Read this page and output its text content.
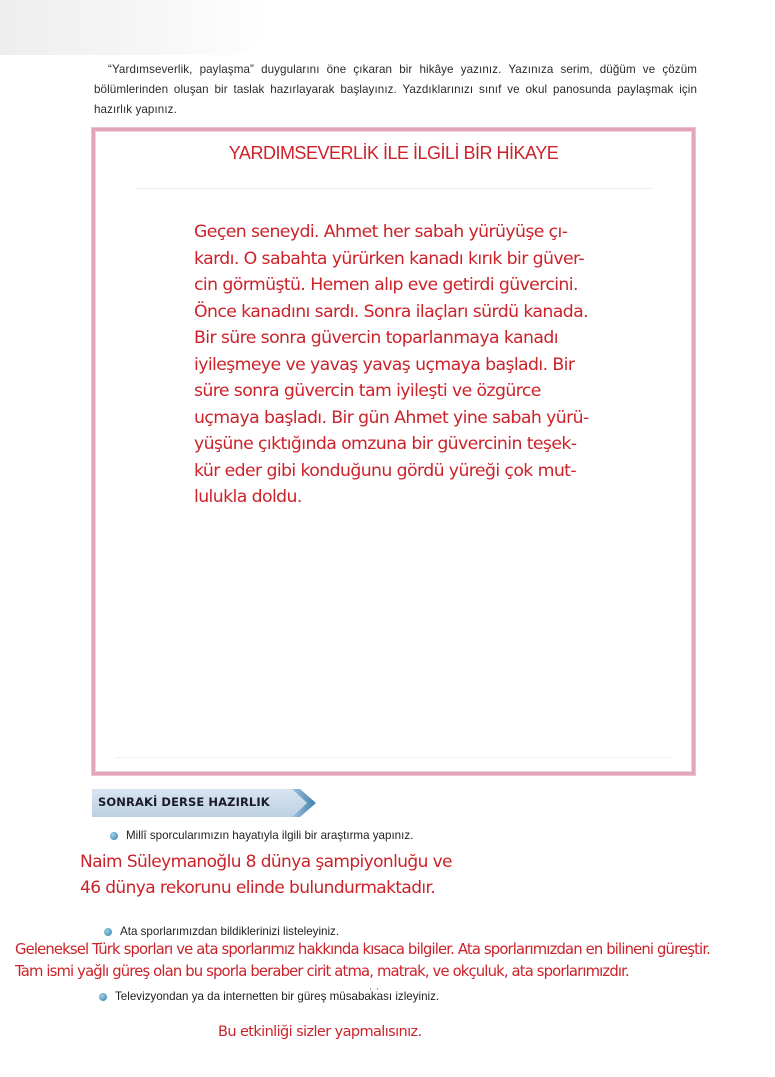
“Yardımseverlik, paylaşma” duygularını öne çıkaran bir hikâye yazınız. Yazınıza serim, düğüm ve çözüm bölümlerinden oluşan bir taslak hazırlayarak başlayınız. Yazdıklarınızı sınıf ve okul panosunda paylaşmak için hazırlık yapınız.

YARDIMSEVERLİK İLE İLGİLİ BİR HİKAYE
Geçen seneydi. Ahmet her sabah yürüyüşe çı-
kardı. O sabahta yürürken kanadı kırık bir güver-
cin görmüştü. Hemen alıp eve getirdi güvercini.
Önce kanadını sardı. Sonra ilaçları sürdü kanada.
Bir süre sonra güvercin toparlanmaya kanadı
iyileşmeye ve yavaş yavaş uçmaya başladı. Bir
süre sonra güvercin tam iyileşti ve özgürce
uçmaya başladı. Bir gün Ahmet yine sabah yürü-
yüşüne çıktığında omzuna bir güvercinin teşek-
kür eder gibi konduğunu gördü yüreği çok mut-
lulukla doldu.
SONRAKİ DERSE HAZIRLIK
Millî sporcularımızın hayatıyla ilgili bir araştırma yapınız.
Naim Süleymanoğlu 8 dünya şampiyonluğu ve
46 dünya rekorunu elinde bulundurmaktadır.
Ata sporlarımızdan bildiklerinizi listeleyiniz.
Geleneksel Türk sporları ve ata sporlarımız hakkında kısaca bilgiler. Ata sporlarımızdan en bilineni güreştir.
Tam ismi yağlı güreş olan bu sporla beraber cirit atma, matrak, ve okçuluk, ata sporlarımızdır.
Televizyondan ya da internetten bir güreş müsabakası izleyiniz.
Bu etkinliği sizler yapmalısınız.
